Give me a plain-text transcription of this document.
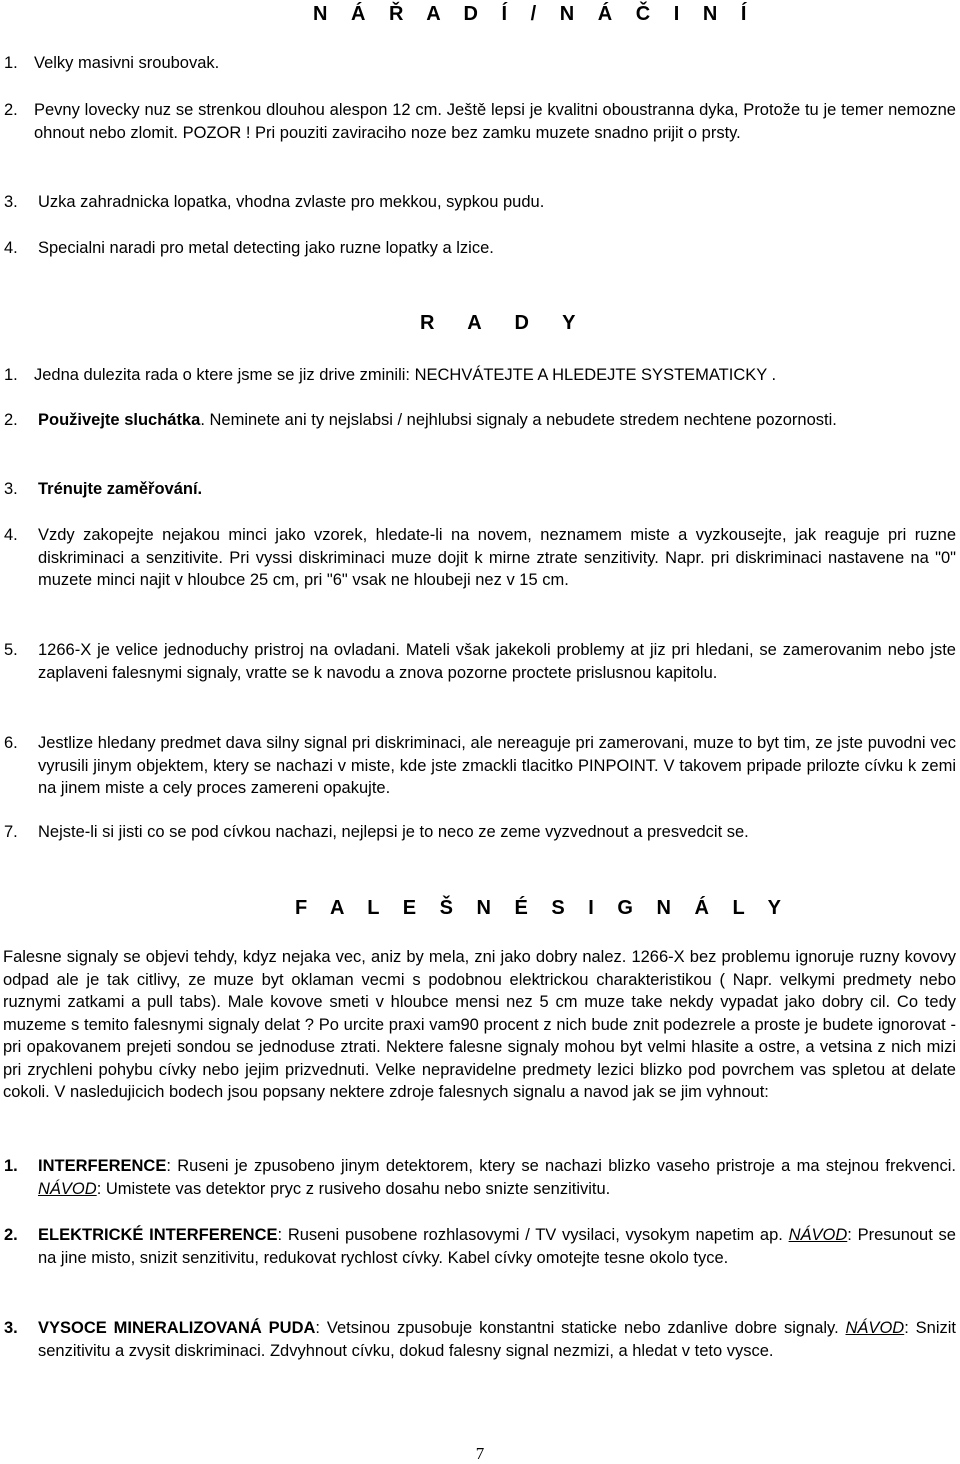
N Á Ř A D Í / N Á Č I N Í
1. Velky masivni sroubovak.
2. Pevny lovecky nuz se strenkou dlouhou alespon 12 cm. Ještě lepsi je kvalitni oboustranna dyka, Protože tu je temer nemozne ohnout nebo zlomit. POZOR ! Pri pouziti zaviraciho noze bez zamku muzete snadno prijit o prsty.
3. Uzka zahradnicka lopatka, vhodna zvlaste pro mekkou, sypkou pudu.
4. Specialni naradi pro metal detecting jako ruzne lopatky a lzice.
R A D Y
1. Jedna dulezita rada o ktere jsme se jiz drive zminili: NECHVÁTEJTE A HLEDEJTE SYSTEMATICKY .
2. Použivejte sluchátka. Neminete ani ty nejslabsi / nejhlubsi signaly a nebudete stredem nechtene pozornosti.
3. Trénujte zaměřování.
4. Vzdy zakopejte nejakou minci jako vzorek, hledate-li na novem, neznamem miste a vyzkousejte, jak reaguje pri ruzne diskriminaci a senzitivite. Pri vyssi diskriminaci muze dojit k mirne ztrate senzitivity. Napr. pri diskriminaci nastavene na "0" muzete minci najit v hloubce 25 cm, pri "6" vsak ne hloubeji nez v 15 cm.
5. 1266-X je velice jednoduchy pristroj na ovladani. Mateli však jakekoli problemy at jiz pri hledani, se zamerovanim nebo jste zaplaveni falesnymi signaly, vratte se k navodu a znova pozorne proctete prislusnou kapitolu.
6. Jestlize hledany predmet dava silny signal pri diskriminaci, ale nereaguje pri zamerovani, muze to byt tim, ze jste puvodni vec vyrusili jinym objektem, ktery se nachazi v miste, kde jste zmackli tlacitko PINPOINT. V takovem pripade prilozte cívku k zemi na jinem miste a cely proces zamereni opakujte.
7. Nejste-li si jisti co se pod cívkou nachazi, nejlepsi je to neco ze zeme vyzvednout a presvedcit se.
F A L E Š N É S I G N Á L Y
Falesne signaly se objevi tehdy, kdyz nejaka vec, aniz by mela, zni jako dobry nalez. 1266-X bez problemu ignoruje ruzny kovovy odpad ale je tak citlivy, ze muze byt oklaman vecmi s podobnou elektrickou charakteristikou ( Napr. velkymi predmety nebo ruznymi zatkami a pull tabs). Male kovove smeti v hloubce mensi nez 5 cm muze take nekdy vypadat jako dobry cil. Co tedy muzeme s temito falesnymi signaly delat ? Po urcite praxi vam90 procent z nich bude znit podezrele a proste je budete ignorovat - pri opakovanem prejeti sondou se jednoduse ztrati. Nektere falesne signaly mohou byt velmi hlasite a ostre, a vetsina z nich mizi pri zrychleni pohybu cívky nebo jejim prizvednuti. Velke nepravidelne predmety lezici blizko pod povrchem vas spletou at delate cokoli. V nasledujicich bodech jsou popsany nektere zdroje falesnych signalu a navod jak se jim vyhnout:
1. INTERFERENCE: Ruseni je zpusobeno jinym detektorem, ktery se nachazi blizko vaseho pristroje a ma stejnou frekvenci. NÁVOD: Umistete vas detektor pryc z rusiveho dosahu nebo snizte senzitivitu.
2. ELEKTRICKÉ INTERFERENCE: Ruseni pusobene rozhlasovymi / TV vysilaci, vysokym napetim ap. NÁVOD: Presunout se na jine misto, snizit senzitivitu, redukovat rychlost cívky. Kabel cívky omotejte tesne okolo tyce.
3. VYSOCE MINERALIZOVANÁ PUDA: Vetsinou zpusobuje konstantni staticke nebo zdanlive dobre signaly. NÁVOD: Snizit senzitivitu a zvysit diskriminaci. Zdvyhnout cívku, dokud falesny signal nezmizi, a hledat v teto vysce.
7
